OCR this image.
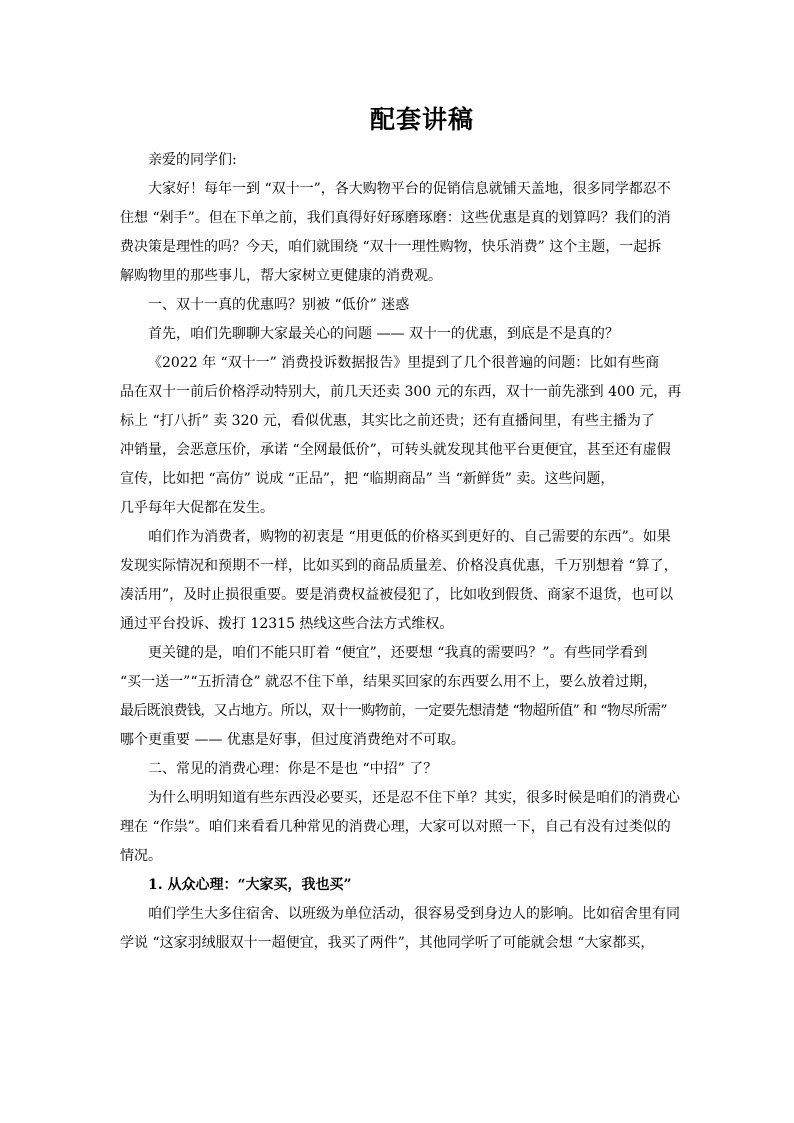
配套讲稿
亲爱的同学们:
大家好！每年一到 “双十一”，各大购物平台的促销信息就铺天盖地，很多同学都忍不
住想 “剁手”。但在下单之前，我们真得好好琢磨琢磨：这些优惠是真的划算吗？我们的消
费决策是理性的吗？今天，咱们就围绕 “双十一理性购物，快乐消费” 这个主题，一起拆
解购物里的那些事儿，帮大家树立更健康的消费观。
一、双十一真的优惠吗？别被 “低价” 迷惑
首先，咱们先聊聊大家最关心的问题 —— 双十一的优惠，到底是不是真的？
《2022 年 “双十一” 消费投诉数据报告》里提到了几个很普遍的问题：比如有些商
品在双十一前后价格浮动特别大，前几天还卖 300 元的东西，双十一前先涨到 400 元，再
标上 “打八折” 卖 320 元，看似优惠，其实比之前还贵；还有直播间里，有些主播为了
冲销量，会恶意压价，承诺 “全网最低价”，可转头就发现其他平台更便宜，甚至还有虚假
宣传，比如把 “高仿” 说成 “正品”，把 “临期商品” 当 “新鲜货” 卖。这些问题，
几乎每年大促都在发生。
咱们作为消费者，购物的初衷是 “用更低的价格买到更好的、自己需要的东西”。如果
发现实际情况和预期不一样，比如买到的商品质量差、价格没真优惠，千万别想着 “算了，
凑活用”，及时止损很重要。要是消费权益被侵犯了，比如收到假货、商家不退货，也可以
通过平台投诉、拨打 12315 热线这些合法方式维权。
更关键的是，咱们不能只盯着 “便宜”，还要想 “我真的需要吗？”。有些同学看到
“买一送一”“五折清仓” 就忍不住下单，结果买回家的东西要么用不上，要么放着过期，
最后既浪费钱，又占地方。所以，双十一购物前，一定要先想清楚 “物超所值” 和 “物尽所需”
哪个更重要 —— 优惠是好事，但过度消费绝对不可取。
二、常见的消费心理：你是不是也 “中招” 了？
为什么明明知道有些东西没必要买，还是忍不住下单？其实，很多时候是咱们的消费心
理在 “作祟”。咱们来看看几种常见的消费心理，大家可以对照一下，自己有没有过类似的
情况。
1. 从众心理：“大家买，我也买”
咱们学生大多住宿舍、以班级为单位活动，很容易受到身边人的影响。比如宿舍里有同
学说 “这家羽绒服双十一超便宜，我买了两件”，其他同学听了可能就会想 “大家都买，
